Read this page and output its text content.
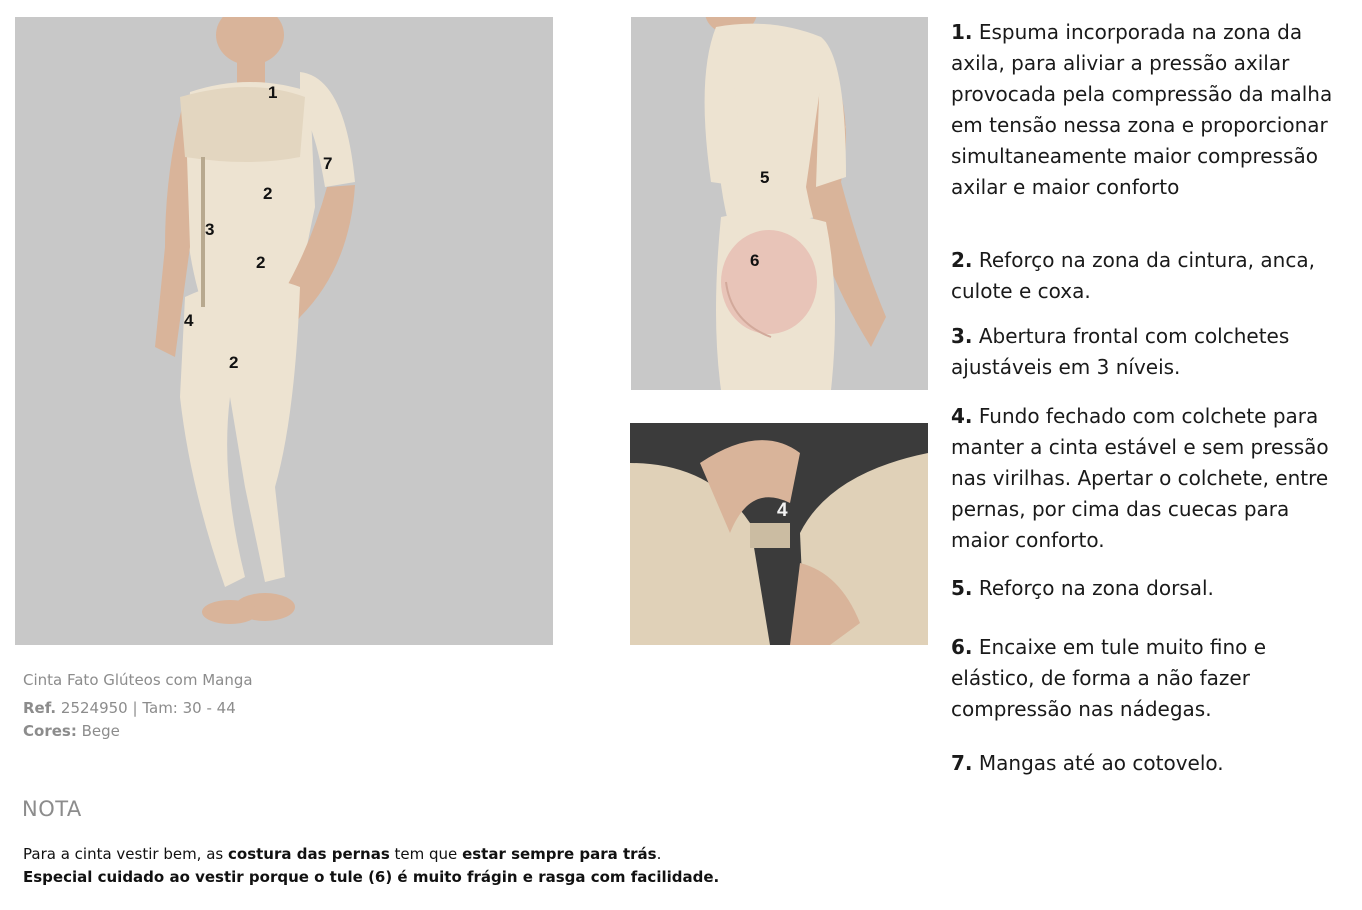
1
7
2
3
2
4
2
5
6
4
Cinta Fato Glúteos com Manga
Ref. 2524950 | Tam: 30 - 44
Cores: Bege
NOTA
Para a cinta vestir bem, as costura das pernas tem que estar sempre para trás.
Especial cuidado ao vestir porque o tule (6) é muito frágin e rasga com facilidade.
1. Espuma incorporada na zona da axila, para aliviar a pressão axilar provocada pela compressão da malha em tensão nessa zona e proporcionar simultaneamente maior compressão axilar e maior conforto
2. Reforço na zona da cintura, anca, culote e coxa.
3. Abertura frontal com colchetes ajustáveis em 3 níveis.
4. Fundo fechado com colchete para manter a cinta estável e sem pressão nas virilhas. Apertar o colchete, entre pernas, por cima das cuecas para maior conforto.
5. Reforço na zona dorsal.
6. Encaixe em tule muito fino e elástico, de forma a não fazer compressão nas nádegas.
7. Mangas até ao cotovelo.
